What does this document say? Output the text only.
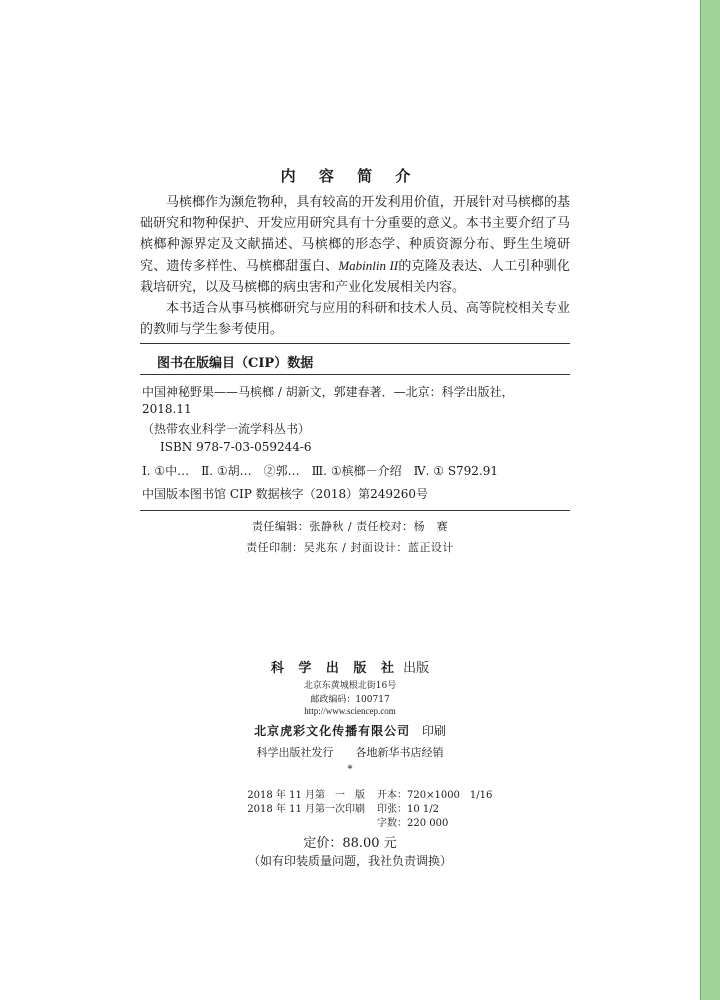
内 容 简 介

马槟榔作为濒危物种，具有较高的开发利用价值，开展针对马槟榔的基础研究和物种保护、开发应用研究具有十分重要的意义。本书主要介绍了马槟榔种源界定及文献描述、马槟榔的形态学、种质资源分布、野生生境研究、遗传多样性、马槟榔甜蛋白、Mabinlin II的克隆及表达、人工引种驯化栽培研究，以及马槟榔的病虫害和产业化发展相关内容。

本书适合从事马槟榔研究与应用的科研和技术人员、高等院校相关专业的教师与学生参考使用。

图书在版编目（CIP）数据
中国神秘野果——马槟榔 / 胡新文，郭建春著．—北京：科学出版社，
2018.11
（热带农业科学一流学科丛书）
ISBN 978-7-03-059244-6
Ⅰ. ①中…　Ⅱ. ①胡…　②郭…　Ⅲ. ①槟榔－介绍　Ⅳ. ① S792.91
中国版本图书馆 CIP 数据核字（2018）第249260号
责任编辑：张静秋 / 责任校对：杨　赛
责任印制：吴兆东 / 封面设计：蓝正设计
科 学 出 版 社 出版
北京东黄城根北街16号
邮政编码：100717
http://www.sciencep.com
北京虎彩文化传播有限公司 印刷
科学出版社发行　　各地新华书店经销
*
2018 年 11 月第　一　版	开本：720×1000　1/16
2018 年 11 月第一次印刷	印张：10 1/2
字数：220 000
定价：88.00 元
（如有印装质量问题，我社负责调换）
